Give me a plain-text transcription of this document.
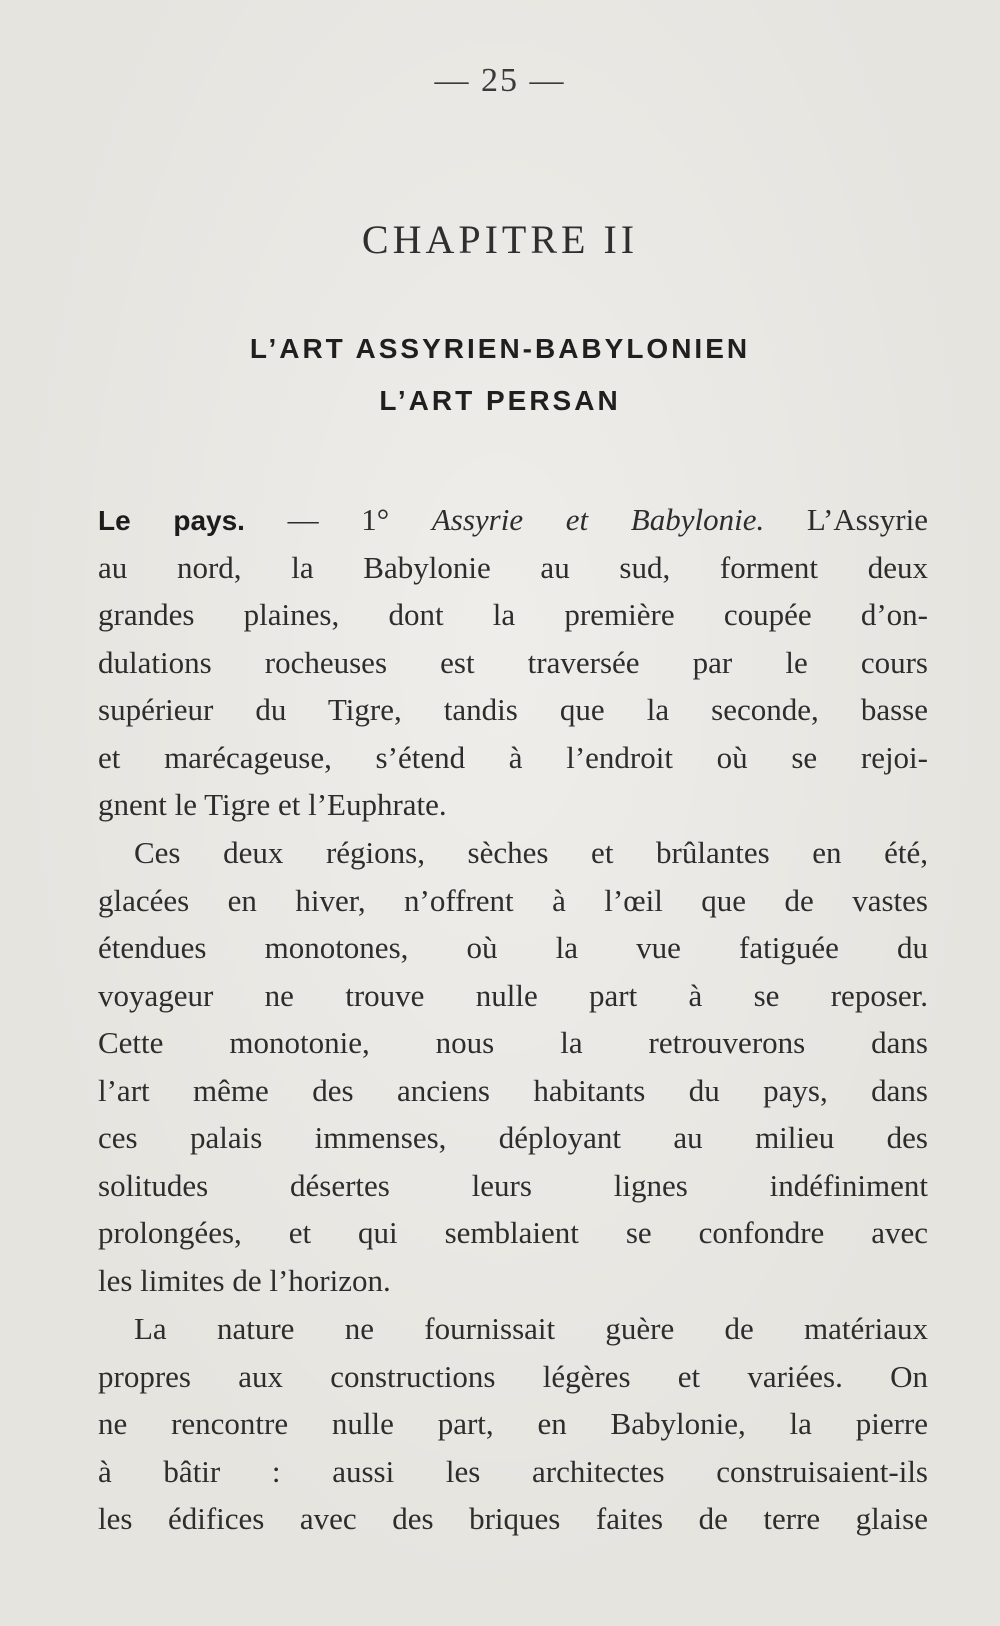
— 25 —
CHAPITRE II
L’ART ASSYRIEN-BABYLONIEN
L’ART PERSAN
Le pays. — 1° Assyrie et Babylonie. L’Assyrie
au nord, la Babylonie au sud, forment deux
grandes plaines, dont la première coupée d’on-
dulations rocheuses est traversée par le cours
supérieur du Tigre, tandis que la seconde, basse
et marécageuse, s’étend à l’endroit où se rejoi-
gnent le Tigre et l’Euphrate.
Ces deux régions, sèches et brûlantes en été,
glacées en hiver, n’offrent à l’œil que de vastes
étendues monotones, où la vue fatiguée du
voyageur ne trouve nulle part à se reposer.
Cette monotonie, nous la retrouverons dans
l’art même des anciens habitants du pays, dans
ces palais immenses, déployant au milieu des
solitudes désertes leurs lignes indéfiniment
prolongées, et qui semblaient se confondre avec
les limites de l’horizon.
La nature ne fournissait guère de matériaux
propres aux constructions légères et variées. On
ne rencontre nulle part, en Babylonie, la pierre
à bâtir : aussi les architectes construisaient-ils
les édifices avec des briques faites de terre glaise
